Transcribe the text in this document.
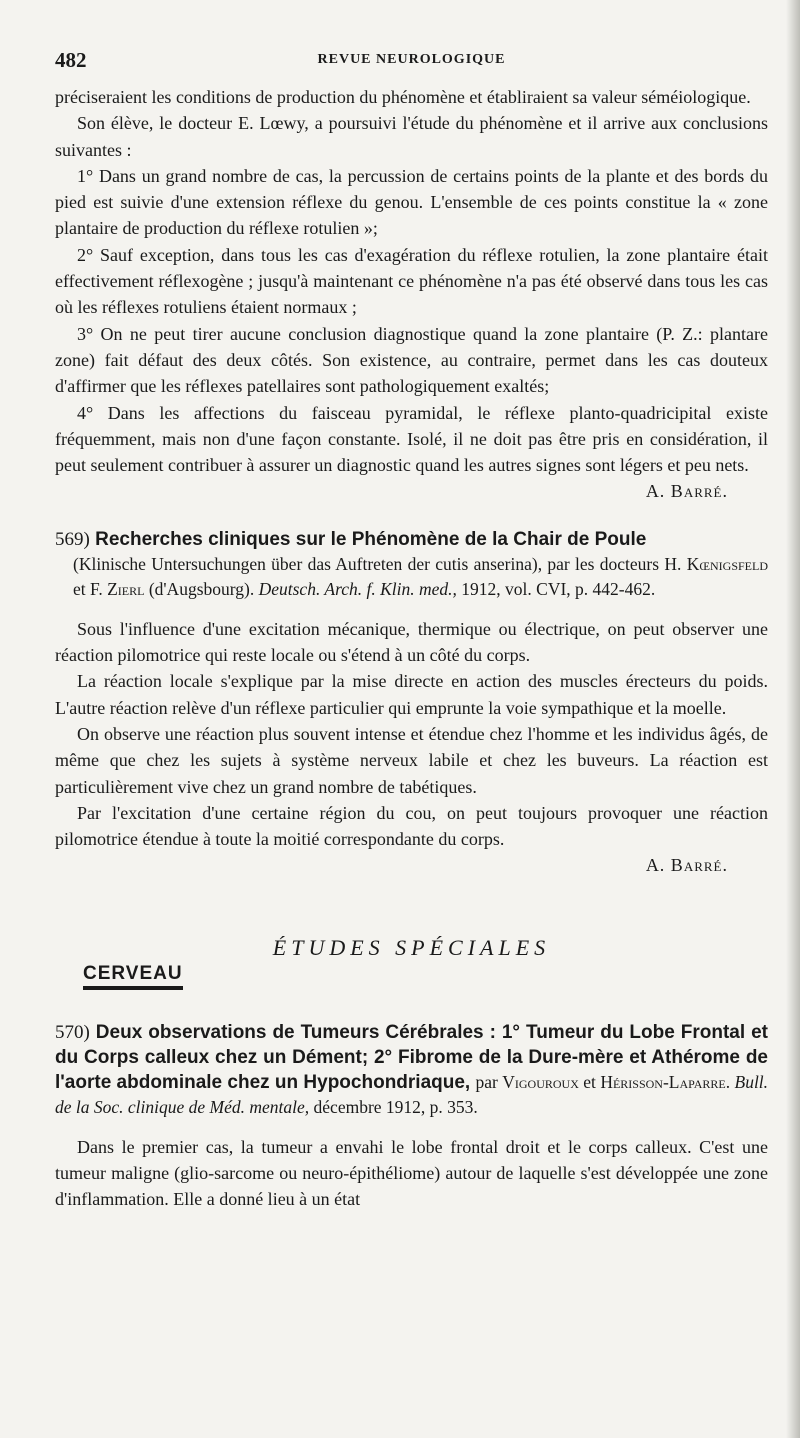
482	REVUE NEUROLOGIQUE

préciseraient les conditions de production du phénomène et établiraient sa valeur séméiologique.

Son élève, le docteur E. Lœwy, a poursuivi l'étude du phénomène et il arrive aux conclusions suivantes :

1° Dans un grand nombre de cas, la percussion de certains points de la plante et des bords du pied est suivie d'une extension réflexe du genou. L'ensemble de ces points constitue la « zone plantaire de production du réflexe rotulien »;

2° Sauf exception, dans tous les cas d'exagération du réflexe rotulien, la zone plantaire était effectivement réflexogène ; jusqu'à maintenant ce phénomène n'a pas été observé dans tous les cas où les réflexes rotuliens étaient normaux ;

3° On ne peut tirer aucune conclusion diagnostique quand la zone plantaire (P. Z.: plantare zone) fait défaut des deux côtés. Son existence, au contraire, permet dans les cas douteux d'affirmer que les réflexes patellaires sont pathologiquement exaltés;

4° Dans les affections du faisceau pyramidal, le réflexe planto-quadricipital existe fréquemment, mais non d'une façon constante. Isolé, il ne doit pas être pris en considération, il peut seulement contribuer à assurer un diagnostic quand les autres signes sont légers et peu nets.

A. Barré.

569) Recherches cliniques sur le Phénomène de la Chair de Poule

(Klinische Untersuchungen über das Auftreten der cutis anserina), par les docteurs H. Kœnigsfeld et F. Zierl (d'Augsbourg). Deutsch. Arch. f. Klin. med., 1912, vol. CVI, p. 442-462.

Sous l'influence d'une excitation mécanique, thermique ou électrique, on peut observer une réaction pilomotrice qui reste locale ou s'étend à un côté du corps.

La réaction locale s'explique par la mise directe en action des muscles érecteurs du poids. L'autre réaction relève d'un réflexe particulier qui emprunte la voie sympathique et la moelle.

On observe une réaction plus souvent intense et étendue chez l'homme et les individus âgés, de même que chez les sujets à système nerveux labile et chez les buveurs. La réaction est particulièrement vive chez un grand nombre de tabétiques.

Par l'excitation d'une certaine région du cou, on peut toujours provoquer une réaction pilomotrice étendue à toute la moitié correspondante du corps.

A. Barré.

ÉTUDES SPÉCIALES
CERVEAU

570) Deux observations de Tumeurs Cérébrales : 1° Tumeur du Lobe Frontal et du Corps calleux chez un Dément; 2° Fibrome de la Dure-mère et Athérome de l'aorte abdominale chez un Hypochondriaque, par Vigouroux et Hérisson-Laparre. Bull. de la Soc. clinique de Méd. mentale, décembre 1912, p. 353.

Dans le premier cas, la tumeur a envahi le lobe frontal droit et le corps calleux. C'est une tumeur maligne (glio-sarcome ou neuro-épithéliome) autour de laquelle s'est développée une zone d'inflammation. Elle a donné lieu à un état
